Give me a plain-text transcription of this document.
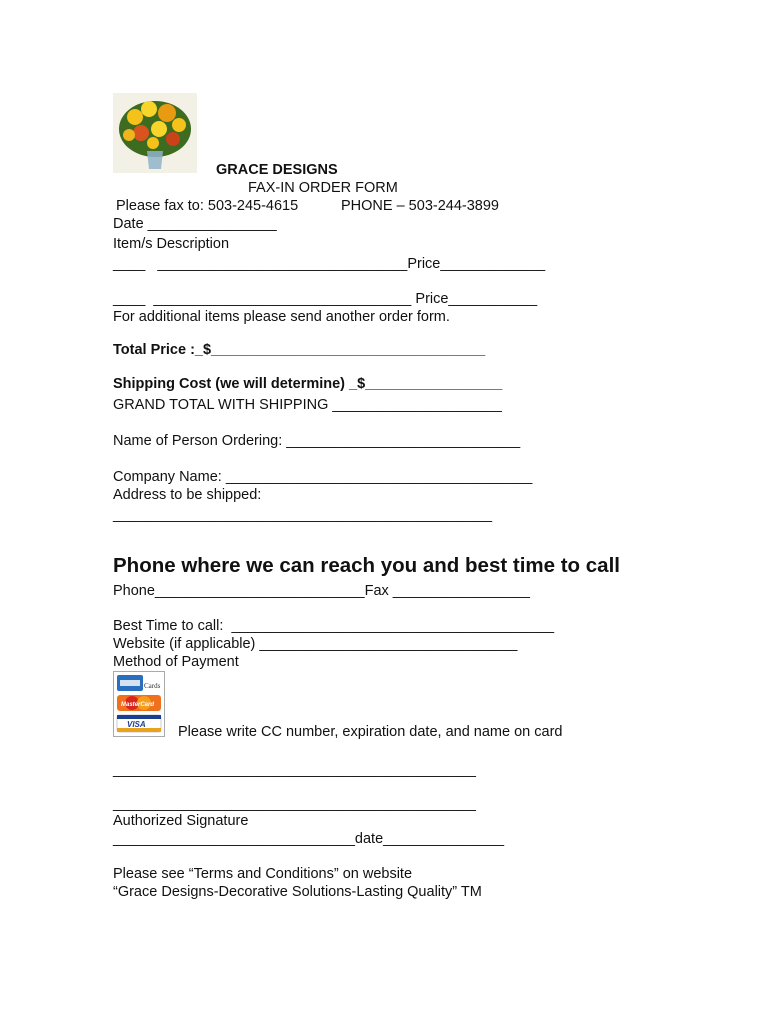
GRACE DESIGNS
FAX-IN ORDER FORM
Please fax to: 503-245-4615	PHONE – 503-244-3899
Date ________________
Item/s Description
____   _______________________________Price_____________
____  ________________________________ Price___________
For additional items please send another order form.
Total Price :_$__________________________________
Shipping Cost (we will determine) _$_________________
GRAND TOTAL WITH SHIPPING _____________________
Name of Person Ordering: _____________________________
Company Name: ______________________________________
Address to be shipped:
_______________________________________________
Phone where we can reach you and best time to call
Phone__________________________Fax _________________
Best Time to call:  ________________________________________
Website (if applicable) ________________________________
Method of Payment
Cards
MasterCard
VISA Please write CC number, expiration date, and name on card
_____________________________________________
_____________________________________________
Authorized Signature
______________________________date_______________
Please see “Terms and Conditions” on website
“Grace Designs-Decorative Solutions-Lasting Quality” TM
